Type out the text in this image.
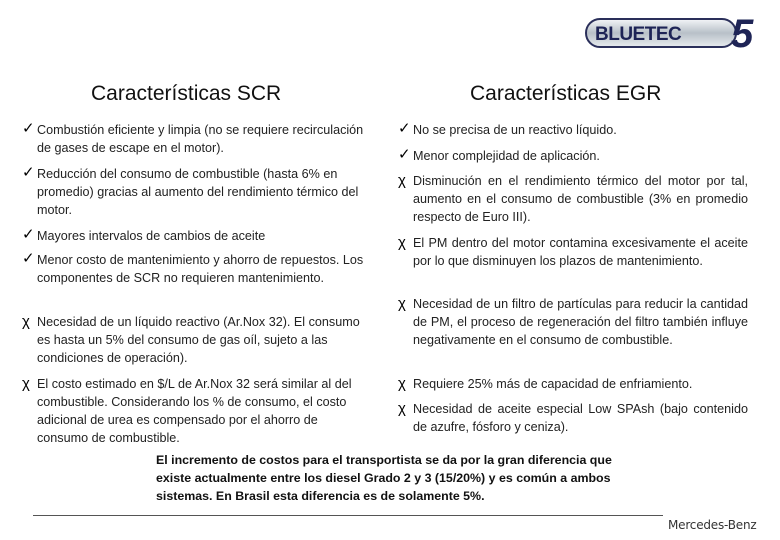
BLUETEC 5
Características SCR	Características EGR
✓ Combustión eficiente y limpia (no se requiere recirculación de gases de escape en el motor).
✓ Reducción del consumo de combustible (hasta 6% en promedio) gracias al aumento del rendimiento térmico del motor.
✓ Mayores intervalos de cambios de aceite
✓ Menor costo de mantenimiento y ahorro de repuestos. Los componentes de SCR no requieren mantenimiento.
χ Necesidad de un líquido reactivo (Ar.Nox 32). El consumo es hasta un 5% del consumo de gas oíl, sujeto a las condiciones de operación).
χ El costo estimado en $/L de Ar.Nox 32 será similar al del combustible. Considerando los % de consumo, el costo adicional de urea es compensado por el ahorro de consumo de combustible.
✓ No se precisa de un reactivo líquido.
✓ Menor complejidad de aplicación.
χ Disminución en el rendimiento térmico del motor por tal, aumento en el consumo de combustible (3% en promedio respecto de Euro III).
χ El PM dentro del motor contamina excesivamente el aceite por lo que disminuyen los plazos de mantenimiento.
χ Necesidad de un filtro de partículas para reducir la cantidad de PM, el proceso de regeneración del filtro también influye negativamente en el consumo de combustible.
χ Requiere 25% más de capacidad de enfriamiento.
χ Necesidad de aceite especial Low SPAsh (bajo contenido de azufre, fósforo y ceniza).
El incremento de costos para el transportista se da por la gran diferencia que existe actualmente entre los diesel Grado 2 y 3 (15/20%) y es común a ambos sistemas. En Brasil esta diferencia es de solamente 5%.
Mercedes-Benz
